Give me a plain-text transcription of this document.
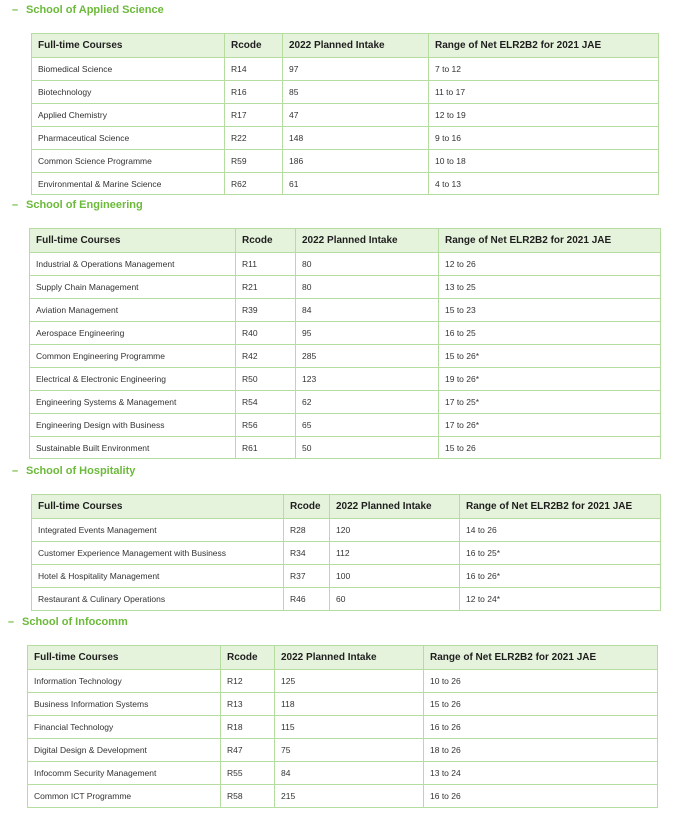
– School of Applied Science
Full-time Courses	Rcode	2022 Planned Intake	Range of Net ELR2B2 for 2021 JAE
Biomedical Science	R14	97	7 to 12
Biotechnology	R16	85	11 to 17
Applied Chemistry	R17	47	12 to 19
Pharmaceutical Science	R22	148	9 to 16
Common Science Programme	R59	186	10 to 18
Environmental & Marine Science	R62	61	4 to 13
– School of Engineering
Full-time Courses	Rcode	2022 Planned Intake	Range of Net ELR2B2 for 2021 JAE
Industrial & Operations Management	R11	80	12 to 26
Supply Chain Management	R21	80	13 to 25
Aviation Management	R39	84	15 to 23
Aerospace Engineering	R40	95	16 to 25
Common Engineering Programme	R42	285	15 to 26*
Electrical & Electronic Engineering	R50	123	19 to 26*
Engineering Systems & Management	R54	62	17 to 25*
Engineering Design with Business	R56	65	17 to 26*
Sustainable Built Environment	R61	50	15 to 26
– School of Hospitality
Full-time Courses	Rcode	2022 Planned Intake	Range of Net ELR2B2 for 2021 JAE
Integrated Events Management	R28	120	14 to 26
Customer Experience Management with Business	R34	112	16 to 25*
Hotel & Hospitality Management	R37	100	16 to 26*
Restaurant & Culinary Operations	R46	60	12 to 24*
– School of Infocomm
Full-time Courses	Rcode	2022 Planned Intake	Range of Net ELR2B2 for 2021 JAE
Information Technology	R12	125	10 to 26
Business Information Systems	R13	118	15 to 26
Financial Technology	R18	115	16 to 26
Digital Design & Development	R47	75	18 to 26
Infocomm Security Management	R55	84	13 to 24
Common ICT Programme	R58	215	16 to 26
